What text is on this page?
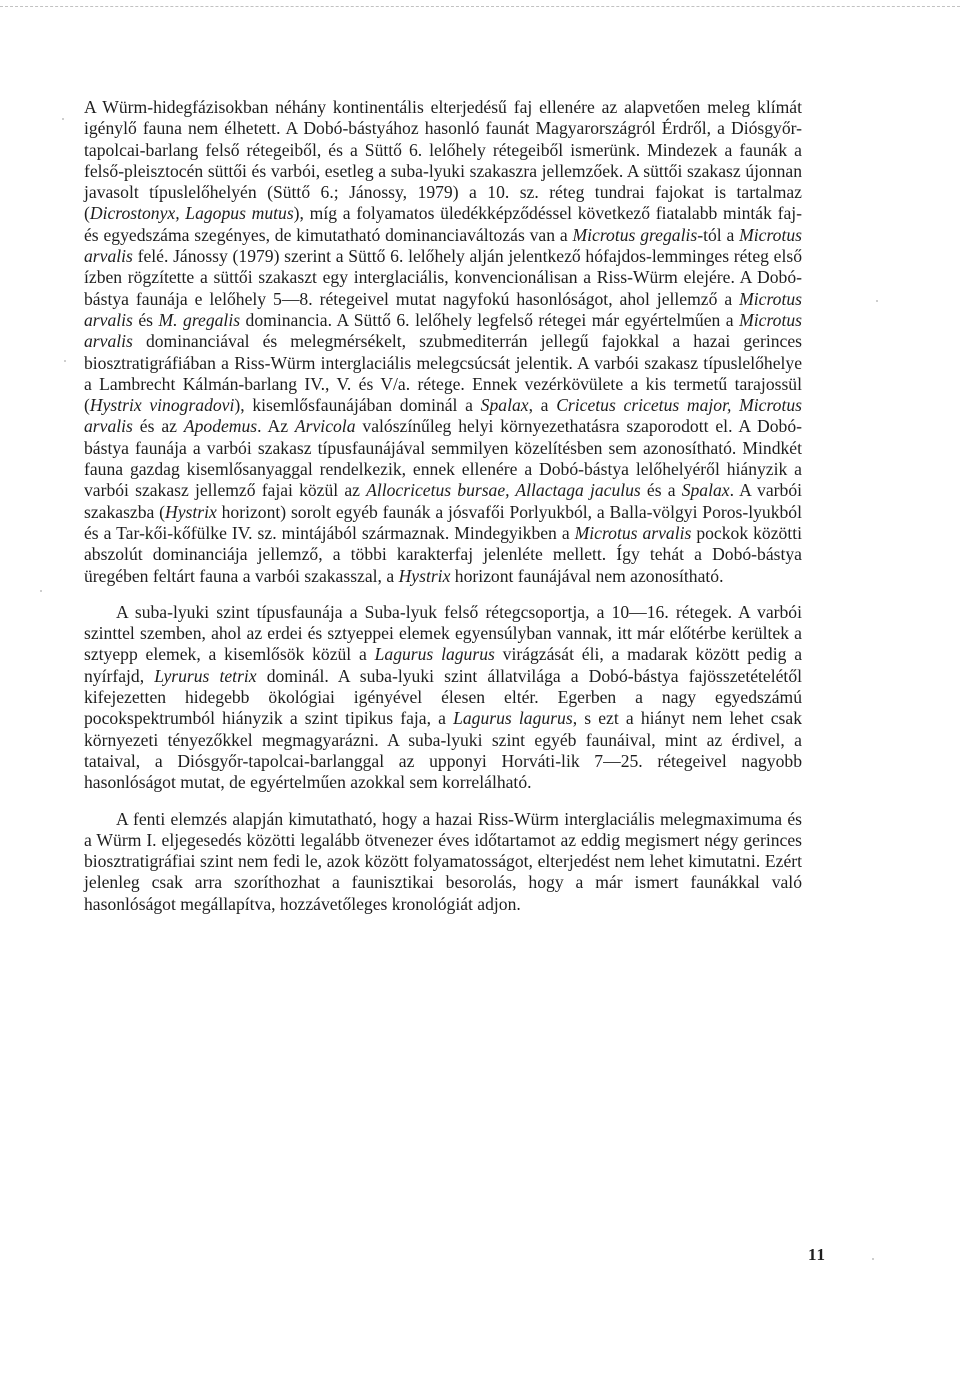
A Würm-hidegfázisokban néhány kontinentális elterjedésű faj ellenére az alapvetően meleg klímát igénylő fauna nem élhetett. A Dobó-bástyához hasonló faunát Magyarországról Érdről, a Diósgyőr-tapolcai-barlang felső rétegeiből, és a Süttő 6. lelőhely rétegeiből ismerünk. Mindezek a faunák a felső-pleisztocén süttői és varbói, esetleg a suba-lyuki szakaszra jellemzőek. A süttői szakasz újonnan javasolt típuslelőhelyén (Süttő 6.; Jánossy, 1979) a 10. sz. réteg tundrai fajokat is tartalmaz (Dicrostonyx, Lagopus mutus), míg a folyamatos üledékképződéssel következő fiatalabb minták faj- és egyedszáma szegényes, de kimutatható dominanciaváltozás van a Microtus gregalis-tól a Microtus arvalis felé. Jánossy (1979) szerint a Süttő 6. lelőhely alján jelentkező hófajdos-lemminges réteg első ízben rögzítette a süttői szakaszt egy interglaciális, konvencionálisan a Riss-Würm elejére. A Dobó-bástya faunája e lelőhely 5—8. rétegeivel mutat nagyfokú hasonlóságot, ahol jellemző a Microtus arvalis és M. gregalis dominancia. A Süttő 6. lelőhely legfelső rétegei már egyértelműen a Microtus arvalis dominanciával és melegmérsékelt, szubmediterrán jellegű fajokkal a hazai gerinces biosztratigráfiában a Riss-Würm interglaciális melegcsúcsát jelentik. A varbói szakasz típuslelőhelye a Lambrecht Kálmán-barlang IV., V. és V/a. rétege. Ennek vezérkövülete a kis termetű tarajossül (Hystrix vinogradovi), kisemlősfaunájában dominál a Spalax, a Cricetus cricetus major, Microtus arvalis és az Apodemus. Az Arvicola valószínűleg helyi környezethatásra szaporodott el. A Dobó-bástya faunája a varbói szakasz típusfaunájával semmilyen közelítésben sem azonosítható. Mindkét fauna gazdag kisemlősanyaggal rendelkezik, ennek ellenére a Dobó-bástya lelőhelyéről hiányzik a varbói szakasz jellemző fajai közül az Allocricetus bursae, Allactaga jaculus és a Spalax. A varbói szakaszba (Hystrix horizont) sorolt egyéb faunák a jósvafői Porlyukból, a Balla-völgyi Poros-lyukból és a Tar-kői-kőfülke IV. sz. mintájából származnak. Mindegyikben a Microtus arvalis pockok közötti abszolút dominanciája jellemző, a többi karakterfaj jelenléte mellett. Így tehát a Dobó-bástya üregében feltárt fauna a varbói szakasszal, a Hystrix horizont faunájával nem azonosítható.

A suba-lyuki szint típusfaunája a Suba-lyuk felső rétegcsoportja, a 10—16. rétegek. A varbói szinttel szemben, ahol az erdei és sztyeppei elemek egyensúlyban vannak, itt már előtérbe kerültek a sztyepp elemek, a kisemlősök közül a Lagurus lagurus virágzását éli, a madarak között pedig a nyírfajd, Lyrurus tetrix dominál. A suba-lyuki szint állatvilága a Dobó-bástya fajösszetételétől kifejezetten hidegebb ökológiai igényével élesen eltér. Egerben a nagy egyedszámú pocokspektrumból hiányzik a szint tipikus faja, a Lagurus lagurus, s ezt a hiányt nem lehet csak környezeti tényezőkkel megmagyarázni. A suba-lyuki szint egyéb faunáival, mint az érdivel, a tataival, a Diósgyőr-tapolcai-barlanggal az upponyi Horváti-lik 7—25. rétegeivel nagyobb hasonlóságot mutat, de egyértelműen azokkal sem korrelálható.

A fenti elemzés alapján kimutatható, hogy a hazai Riss-Würm interglaciális melegmaximuma és a Würm I. eljegesedés közötti legalább ötvenezer éves időtartamot az eddig megismert négy gerinces biosztratigráfiai szint nem fedi le, azok között folyamatosságot, elterjedést nem lehet kimutatni. Ezért jelenleg csak arra szoríthozhat a faunisztikai besorolás, hogy a már ismert faunákkal való hasonlóságot megállapítva, hozzávetőleges kronológiát adjon.

11
